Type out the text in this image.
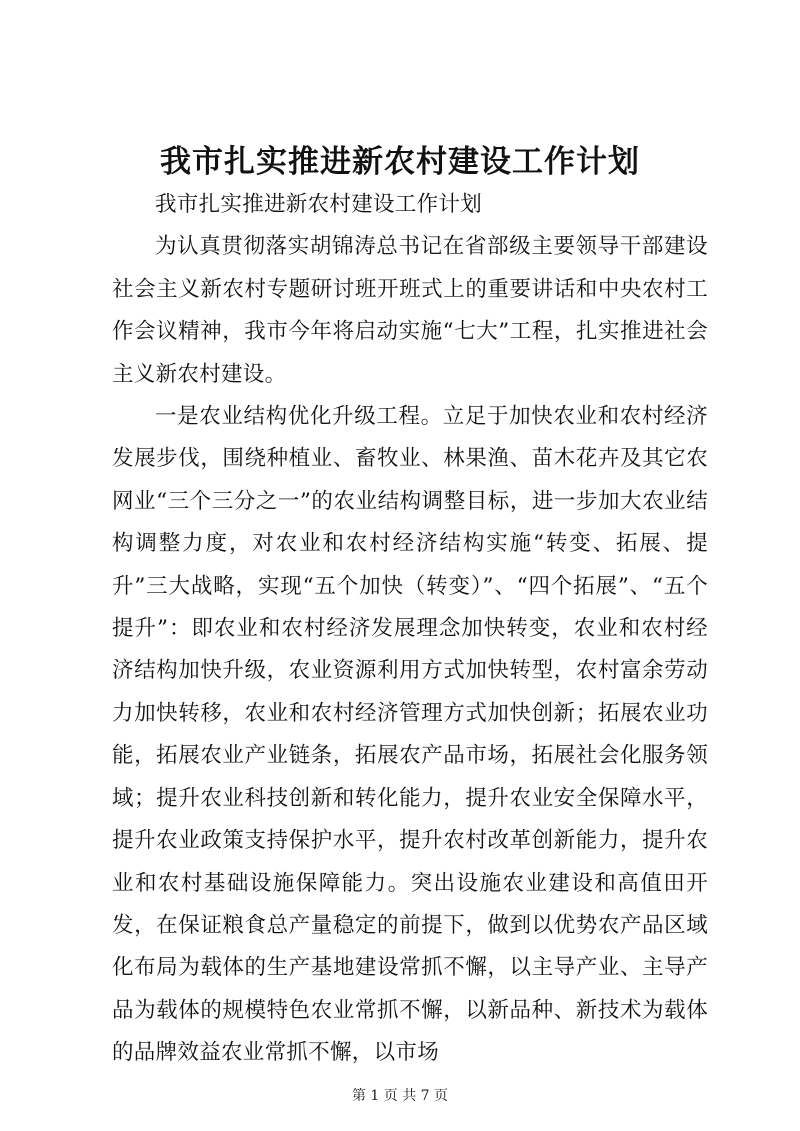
我市扎实推进新农村建设工作计划

我市扎实推进新农村建设工作计划

为认真贯彻落实胡锦涛总书记在省部级主要领导干部建设社会主义新农村专题研讨班开班式上的重要讲话和中央农村工作会议精神，我市今年将启动实施“七大”工程，扎实推进社会主义新农村建设。

一是农业结构优化升级工程。立足于加快农业和农村经济发展步伐，围绕种植业、畜牧业、林果渔、苗木花卉及其它农网业“三个三分之一”的农业结构调整目标，进一步加大农业结构调整力度，对农业和农村经济结构实施“转变、拓展、提升”三大战略，实现“五个加快（转变）”、“四个拓展”、“五个提升”：即农业和农村经济发展理念加快转变，农业和农村经济结构加快升级，农业资源利用方式加快转型，农村富余劳动力加快转移，农业和农村经济管理方式加快创新；拓展农业功能，拓展农业产业链条，拓展农产品市场，拓展社会化服务领域；提升农业科技创新和转化能力，提升农业安全保障水平，提升农业政策支持保护水平，提升农村改革创新能力，提升农业和农村基础设施保障能力。突出设施农业建设和高值田开发，在保证粮食总产量稳定的前提下，做到以优势农产品区域化布局为载体的生产基地建设常抓不懈，以主导产业、主导产品为载体的规模特色农业常抓不懈，以新品种、新技术为载体的品牌效益农业常抓不懈，以市场

第 1 页 共 7 页
